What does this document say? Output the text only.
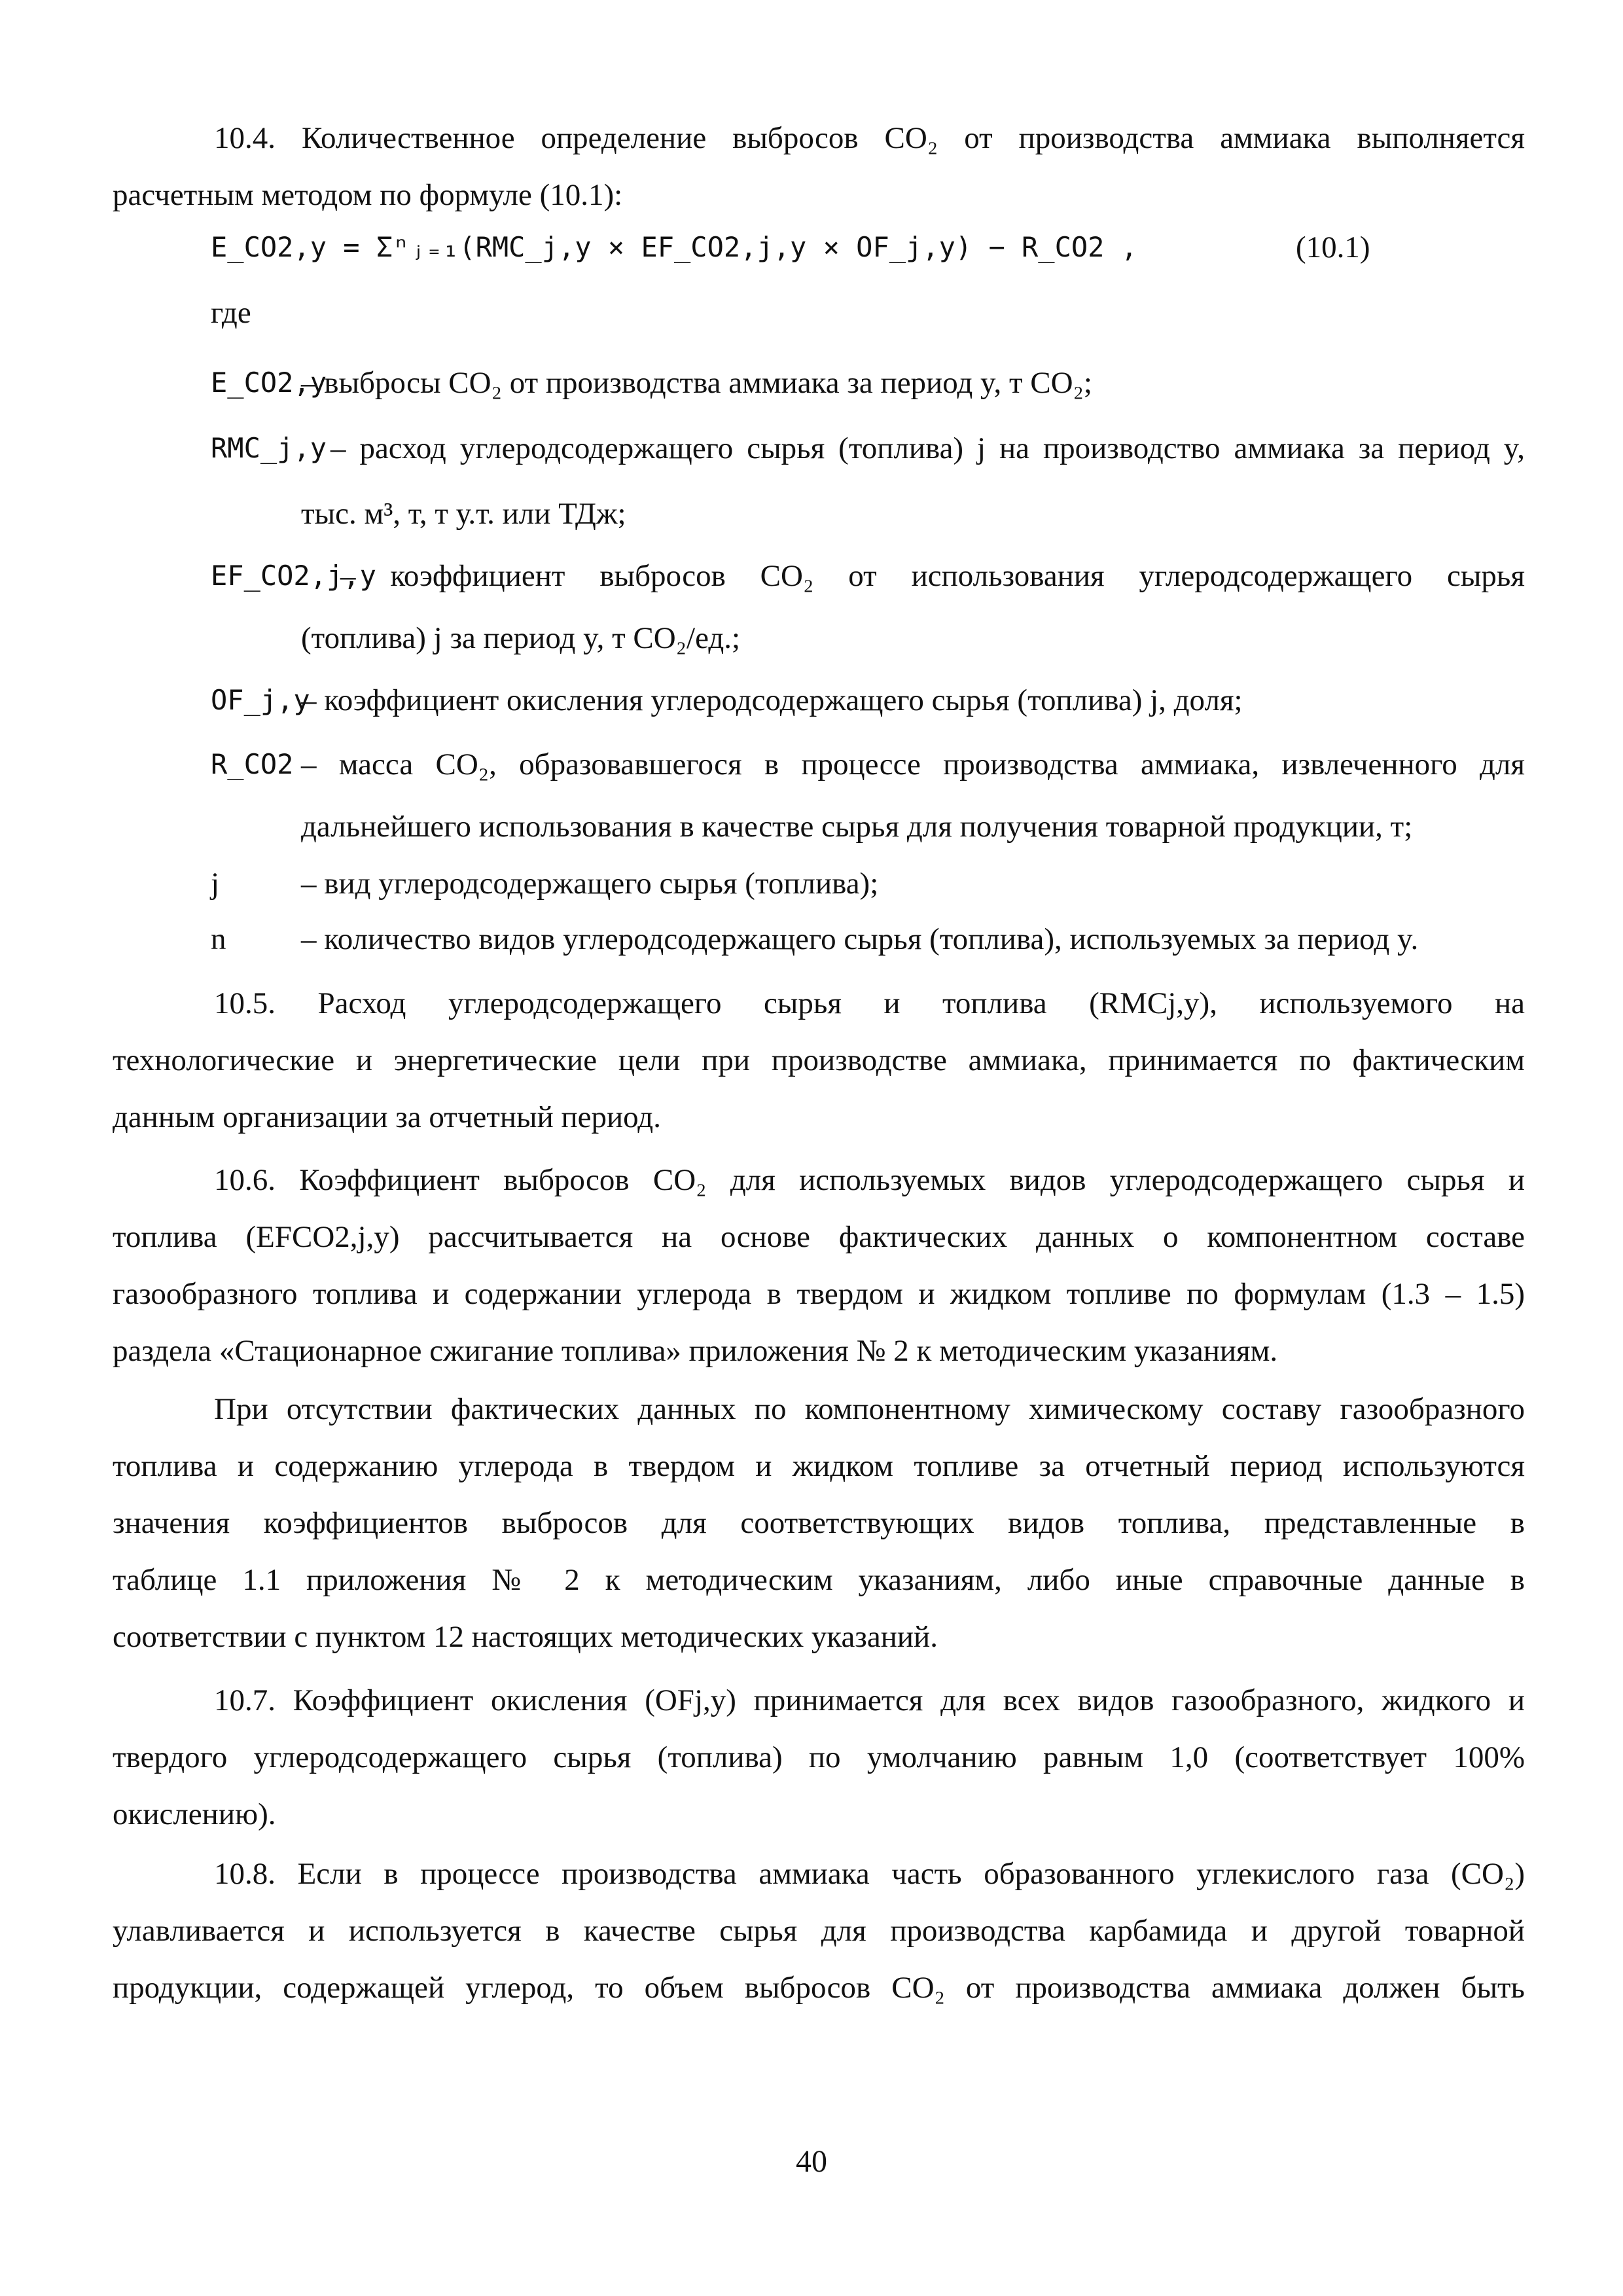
10.4. Количественное определение выбросов CO₂ от производства аммиака выполняется
расчетным методом по формуле (10.1):
E_CO2,y = Σⁿⱼ₌₁(RMC_j,y × EF_CO2,j,y × OF_j,y) − R_CO2 ,	(10.1)
где
E_CO2,y
– выбросы CO₂ от производства аммиака за период y, т CO₂;
RMC_j,y – расход углеродсодержащего сырья (топлива) j на производство аммиака за период y,
тыс. м³, т, т у.т. или ТДж;
EF_CO2,j,y
– коэффициент выбросов CO₂ от использования углеродсодержащего сырья
(топлива) j за период y, т CO₂/ед.;
OF_j,y
– коэффициент окисления углеродсодержащего сырья (топлива) j, доля;
R_CO2 – масса CO₂, образовавшегося в процессе производства аммиака, извлеченного для
дальнейшего использования в качестве сырья для получения товарной продукции, т;
j	– вид углеродсодержащего сырья (топлива);
n – количество видов углеродсодержащего сырья (топлива), используемых за период y.
10.5. Расход углеродсодержащего сырья и топлива (RMCj,y), используемого на
технологические и энергетические цели при производстве аммиака, принимается по фактическим
данным организации за отчетный период.
10.6. Коэффициент выбросов CO₂ для используемых видов углеродсодержащего сырья и
топлива (EFCO2,j,y) рассчитывается на основе фактических данных о компонентном составе
газообразного топлива и содержании углерода в твердом и жидком топливе по формулам (1.3 – 1.5)
раздела «Стационарное сжигание топлива» приложения № 2 к методическим указаниям.
При отсутствии фактических данных по компонентному химическому составу газообразного
топлива и содержанию углерода в твердом и жидком топливе за отчетный период используются
значения коэффициентов выбросов для соответствующих видов топлива, представленные в
таблице 1.1 приложения № 2 к методическим указаниям, либо иные справочные данные в
соответствии с пунктом 12 настоящих методических указаний.
10.7. Коэффициент окисления (OFj,y) принимается для всех видов газообразного, жидкого и
твердого углеродсодержащего сырья (топлива) по умолчанию равным 1,0 (соответствует 100%
окислению).
10.8. Если в процессе производства аммиака часть образованного углекислого газа (CO₂)
улавливается и используется в качестве сырья для производства карбамида и другой товарной
продукции, содержащей углерод, то объем выбросов CO₂ от производства аммиака должен быть
40
